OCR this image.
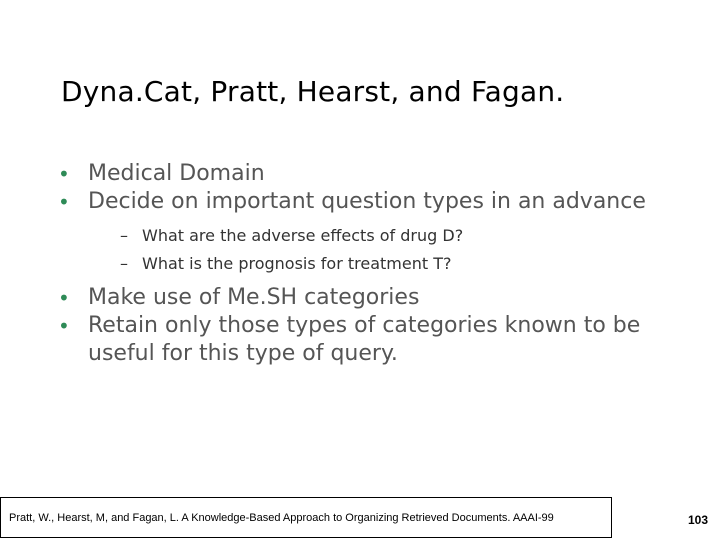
Dyna.Cat, Pratt, Hearst, and Fagan.
• Medical Domain
• Decide on important question types in an advance
– What are the adverse effects of drug D?
– What is the prognosis for treatment T?
• Make use of Me.SH categories
• Retain only those types of categories known to be useful for this type of query.
Pratt, W., Hearst, M, and Fagan, L. A Knowledge-Based Approach to Organizing Retrieved Documents. AAAI-99	103
